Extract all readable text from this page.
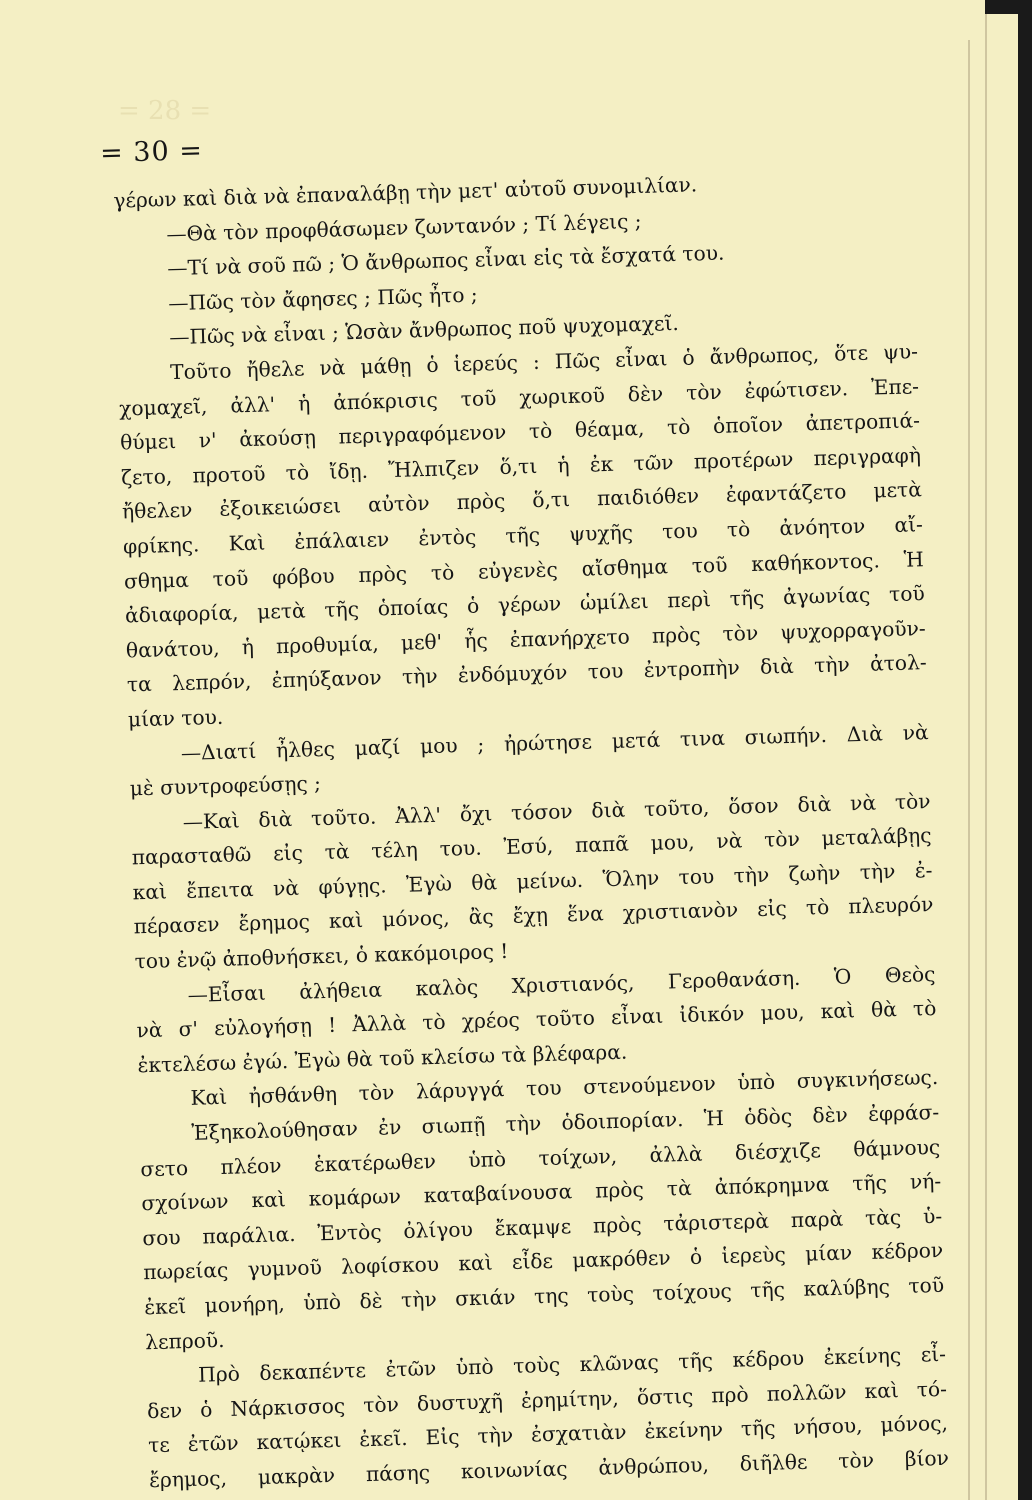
= 28 =
= 30 =
γέρων καὶ διὰ νὰ ἐπαναλάβῃ τὴν μετ' αὐτοῦ συνομιλίαν.
—Θὰ τὸν προφθάσωμεν ζωντανόν ; Τί λέγεις ;
—Τί νὰ σοῦ πῶ ; Ὁ ἄνθρωπος εἶναι εἰς τὰ ἔσχατά του.
—Πῶς τὸν ἄφησες ; Πῶς ἦτο ;
—Πῶς νὰ εἶναι ; Ὡσὰν ἄνθρωπος ποῦ ψυχομαχεῖ.
Τοῦτο ἤθελε νὰ μάθῃ ὁ ἱερεύς : Πῶς εἶναι ὁ ἄνθρωπος, ὅτε ψυ-
χομαχεῖ, ἀλλ' ἡ ἀπόκρισις τοῦ χωρικοῦ δὲν τὸν ἐφώτισεν. Ἐπε-
θύμει ν' ἀκούσῃ περιγραφόμενον τὸ θέαμα, τὸ ὁποῖον ἀπετροπιά-
ζετο, προτοῦ τὸ ἴδῃ. Ἤλπιζεν ὅ,τι ἡ ἐκ τῶν προτέρων περιγραφὴ
ἤθελεν ἐξοικειώσει αὐτὸν πρὸς ὅ,τι παιδιόθεν ἐφαντάζετο μετὰ
φρίκης. Καὶ ἐπάλαιεν ἐντὸς τῆς ψυχῆς του τὸ ἀνόητον αἴ-
σθημα τοῦ φόβου πρὸς τὸ εὐγενὲς αἴσθημα τοῦ καθήκοντος. Ἡ
ἀδιαφορία, μετὰ τῆς ὁποίας ὁ γέρων ὡμίλει περὶ τῆς ἀγωνίας τοῦ
θανάτου, ἡ προθυμία, μεθ' ἧς ἐπανήρχετο πρὸς τὸν ψυχορραγοῦν-
τα λεπρόν, ἐπηύξανον τὴν ἐνδόμυχόν του ἐντροπὴν διὰ τὴν ἀτολ-
μίαν του.
—Διατί ἦλθες μαζί μου ; ἠρώτησε μετά τινα σιωπήν. Διὰ νὰ
μὲ συντροφεύσῃς ;
—Καὶ διὰ τοῦτο. Ἀλλ' ὄχι τόσον διὰ τοῦτο, ὅσον διὰ νὰ τὸν
παρασταθῶ εἰς τὰ τέλη του. Ἐσύ, παπᾶ μου, νὰ τὸν μεταλάβῃς
καὶ ἔπειτα νὰ φύγῃς. Ἐγὼ θὰ μείνω. Ὅλην του τὴν ζωὴν τὴν ἐ-
πέρασεν ἔρημος καὶ μόνος, ἂς ἔχῃ ἕνα χριστιανὸν εἰς τὸ πλευρόν
του ἐνῷ ἀποθνήσκει, ὁ κακόμοιρος !
—Εἶσαι ἀλήθεια καλὸς Χριστιανός, Γεροθανάση. Ὁ Θεὸς
νὰ σ' εὐλογήσῃ ! Ἀλλὰ τὸ χρέος τοῦτο εἶναι ἰδικόν μου, καὶ θὰ τὸ
ἐκτελέσω ἐγώ. Ἐγὼ θὰ τοῦ κλείσω τὰ βλέφαρα.
Καὶ ἠσθάνθη τὸν λάρυγγά του στενούμενον ὑπὸ συγκινήσεως.
Ἐξηκολούθησαν ἐν σιωπῇ τὴν ὁδοιπορίαν. Ἡ ὁδὸς δὲν ἐφράσ-
σετο πλέον ἑκατέρωθεν ὑπὸ τοίχων, ἀλλὰ διέσχιζε θάμνους
σχοίνων καὶ κομάρων καταβαίνουσα πρὸς τὰ ἀπόκρημνα τῆς νή-
σου παράλια. Ἐντὸς ὀλίγου ἔκαμψε πρὸς τἀριστερὰ παρὰ τὰς ὑ-
πωρείας γυμνοῦ λοφίσκου καὶ εἶδε μακρόθεν ὁ ἱερεὺς μίαν κέδρον
ἐκεῖ μονήρη, ὑπὸ δὲ τὴν σκιάν της τοὺς τοίχους τῆς καλύβης τοῦ
λεπροῦ.
Πρὸ δεκαπέντε ἐτῶν ὑπὸ τοὺς κλῶνας τῆς κέδρου ἐκείνης εἶ-
δεν ὁ Νάρκισσος τὸν δυστυχῆ ἐρημίτην, ὅστις πρὸ πολλῶν καὶ τό-
τε ἐτῶν κατῴκει ἐκεῖ. Εἰς τὴν ἐσχατιὰν ἐκείνην τῆς νήσου, μόνος,
ἔρημος, μακρὰν πάσης κοινωνίας ἀνθρώπου, διῆλθε τὸν βίον
